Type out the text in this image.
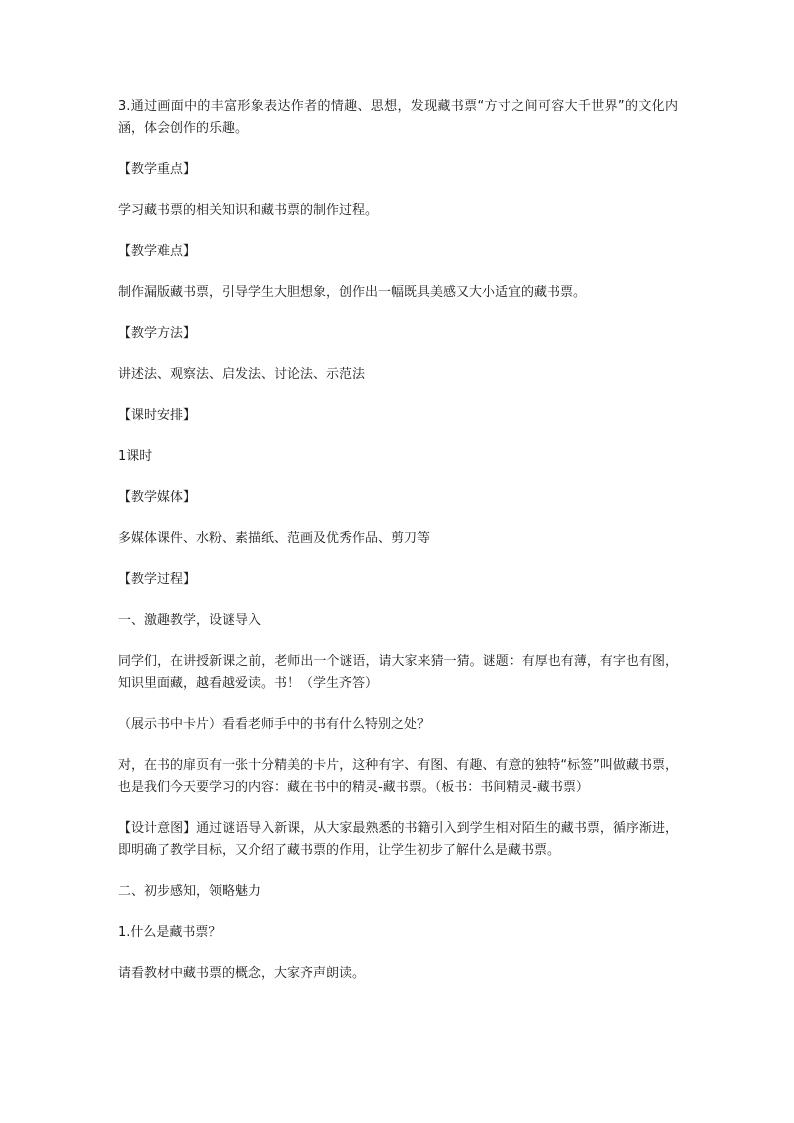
3.通过画面中的丰富形象表达作者的情趣、思想，发现藏书票“方寸之间可容大千世界”的文化内涵，体会创作的乐趣。

【教学重点】

学习藏书票的相关知识和藏书票的制作过程。

【教学难点】

制作漏版藏书票，引导学生大胆想象，创作出一幅既具美感又大小适宜的藏书票。

【教学方法】

讲述法、观察法、启发法、讨论法、示范法

【课时安排】

1课时

【教学媒体】

多媒体课件、水粉、素描纸、范画及优秀作品、剪刀等

【教学过程】

一、激趣教学，设谜导入

同学们，在讲授新课之前，老师出一个谜语，请大家来猜一猜。谜题：有厚也有薄，有字也有图，知识里面藏，越看越爱读。书！（学生齐答）

（展示书中卡片）看看老师手中的书有什么特别之处？

对，在书的扉页有一张十分精美的卡片，这种有字、有图、有趣、有意的独特“标签”叫做藏书票，也是我们今天要学习的内容：藏在书中的精灵-藏书票。（板书：书间精灵-藏书票）

【设计意图】通过谜语导入新课，从大家最熟悉的书籍引入到学生相对陌生的藏书票，循序渐进，即明确了教学目标，又介绍了藏书票的作用，让学生初步了解什么是藏书票。

二、初步感知，领略魅力

1.什么是藏书票？

请看教材中藏书票的概念，大家齐声朗读。
